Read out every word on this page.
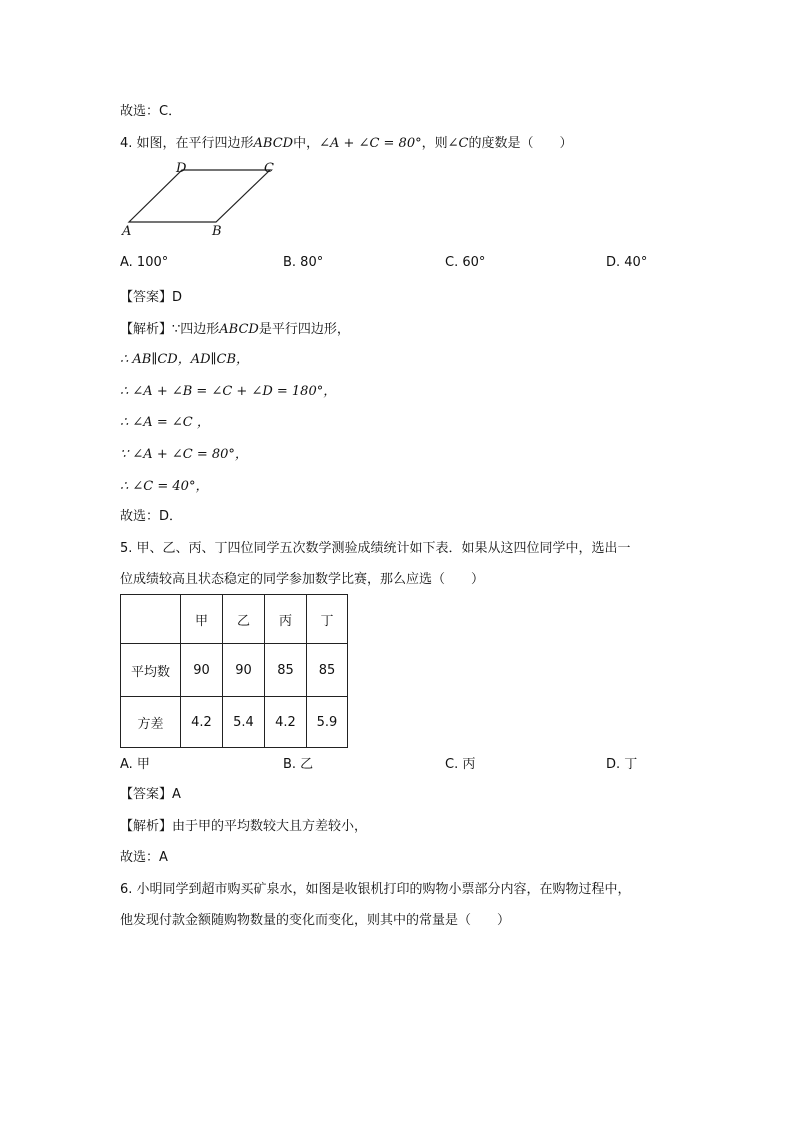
故选：C．
4. 如图，在平行四边形ABCD中，∠A + ∠C = 80°，则∠C的度数是（　　）
A	B
C
D
A. 100°	B. 80°	C. 60°	D. 40°
【答案】D
【解析】∵四边形ABCD是平行四边形，
∴ AB∥CD，AD∥CB，
∴ ∠A + ∠B = ∠C + ∠D = 180°，
∴ ∠A = ∠C ，
∵ ∠A + ∠C = 80°，
∴ ∠C = 40°，
故选：D．
5. 甲、乙、丙、丁四位同学五次数学测验成绩统计如下表．如果从这四位同学中，选出一
位成绩较高且状态稳定的同学参加数学比赛，那么应选（　　）
	甲	乙	丙	丁
平均数	90	90	85	85
方差	4.2	5.4	4.2	5.9
A. 甲	B. 乙	C. 丙	D. 丁
【答案】A
【解析】由于甲的平均数较大且方差较小，
故选：A
6. 小明同学到超市购买矿泉水，如图是收银机打印的购物小票部分内容，在购物过程中，
他发现付款金额随购物数量的变化而变化，则其中的常量是（　　）
